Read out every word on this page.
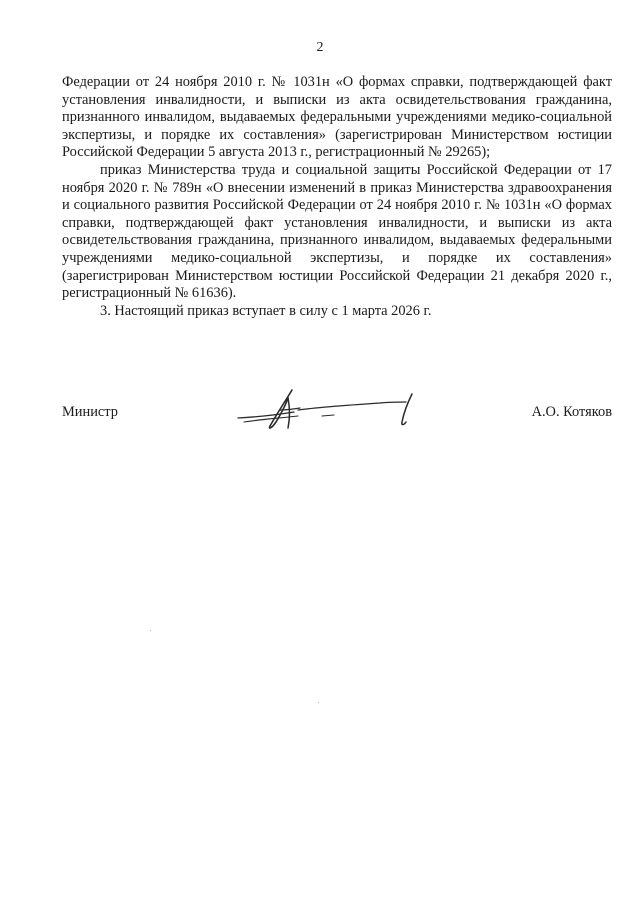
2

Федерации от 24 ноября 2010 г. № 1031н «О формах справки, подтверждающей факт установления инвалидности, и выписки из акта освидетельствования гражданина, признанного инвалидом, выдаваемых федеральными учреждениями медико-социальной экспертизы, и порядке их составления» (зарегистрирован Министерством юстиции Российской Федерации 5 августа 2013 г., регистрационный № 29265);

приказ Министерства труда и социальной защиты Российской Федерации от 17 ноября 2020 г. № 789н «О внесении изменений в приказ Министерства здравоохранения и социального развития Российской Федерации от 24 ноября 2010 г. № 1031н «О формах справки, подтверждающей факт установления инвалидности, и выписки из акта освидетельствования гражданина, признанного инвалидом, выдаваемых федеральными учреждениями медико-социальной экспертизы, и порядке их составления» (зарегистрирован Министерством юстиции Российской Федерации 21 декабря 2020 г., регистрационный № 61636).

3. Настоящий приказ вступает в силу с 1 марта 2026 г.

Министр	А.О. Котяков
